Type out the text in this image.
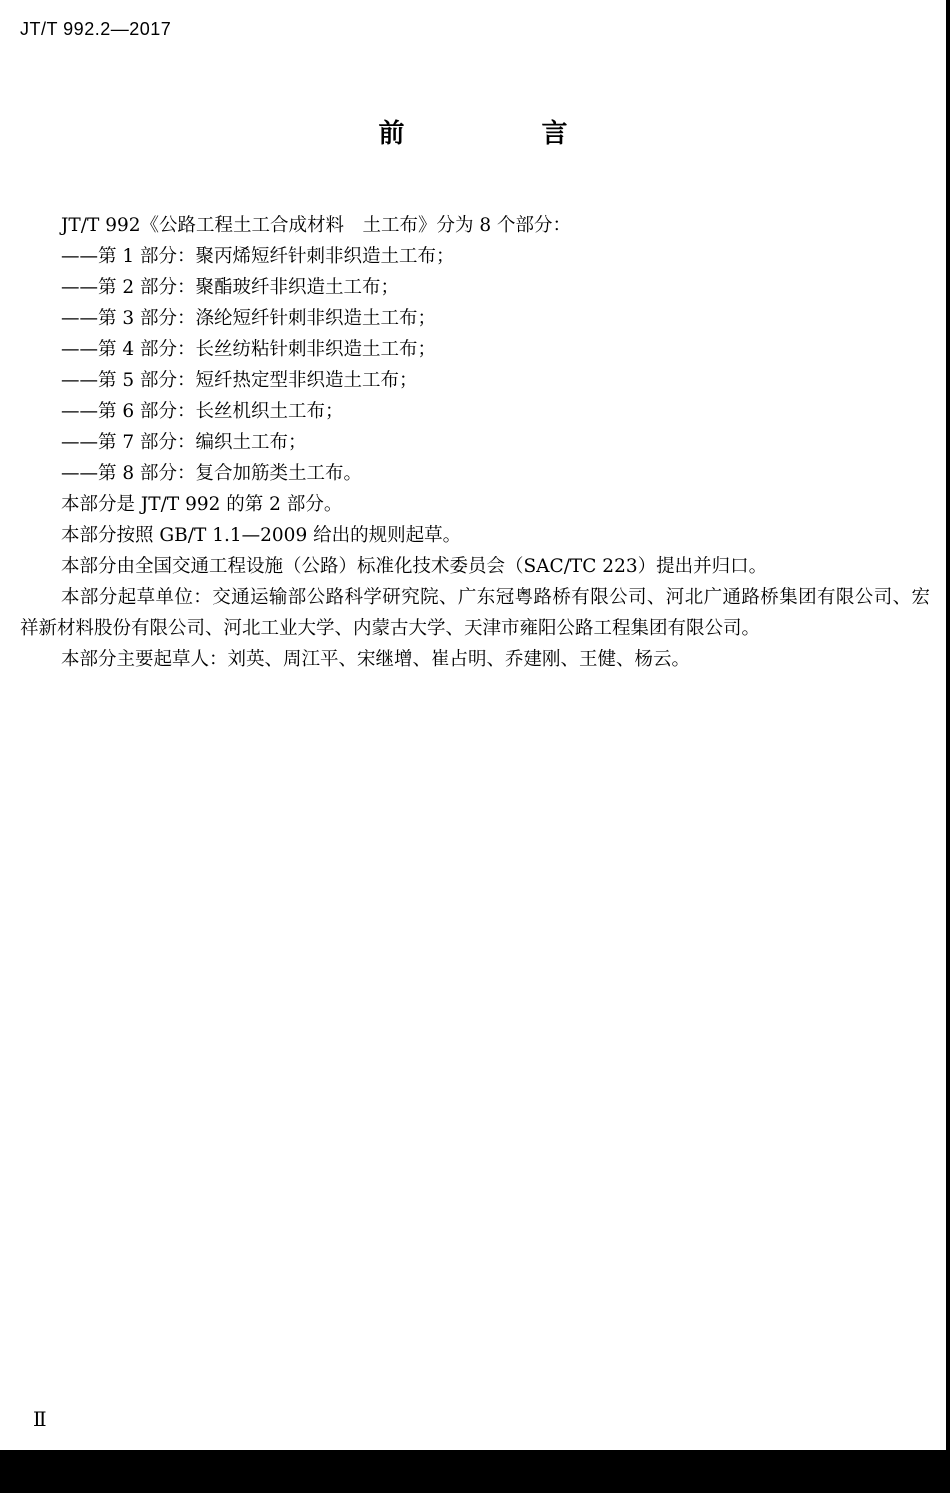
JT/T 992.2—2017
前 言

JT/T 992《公路工程土工合成材料　土工布》分为 8 个部分：

——第 1 部分：聚丙烯短纤针刺非织造土工布；

——第 2 部分：聚酯玻纤非织造土工布；

——第 3 部分：涤纶短纤针刺非织造土工布；

——第 4 部分：长丝纺粘针刺非织造土工布；

——第 5 部分：短纤热定型非织造土工布；

——第 6 部分：长丝机织土工布；

——第 7 部分：编织土工布；

——第 8 部分：复合加筋类土工布。

本部分是 JT/T 992 的第 2 部分。

本部分按照 GB/T 1.1—2009 给出的规则起草。

本部分由全国交通工程设施（公路）标准化技术委员会（SAC/TC 223）提出并归口。

本部分起草单位：交通运输部公路科学研究院、广东冠粤路桥有限公司、河北广通路桥集团有限公司、宏祥新材料股份有限公司、河北工业大学、内蒙古大学、天津市雍阳公路工程集团有限公司。

本部分主要起草人：刘英、周江平、宋继增、崔占明、乔建刚、王健、杨云。

Ⅱ
